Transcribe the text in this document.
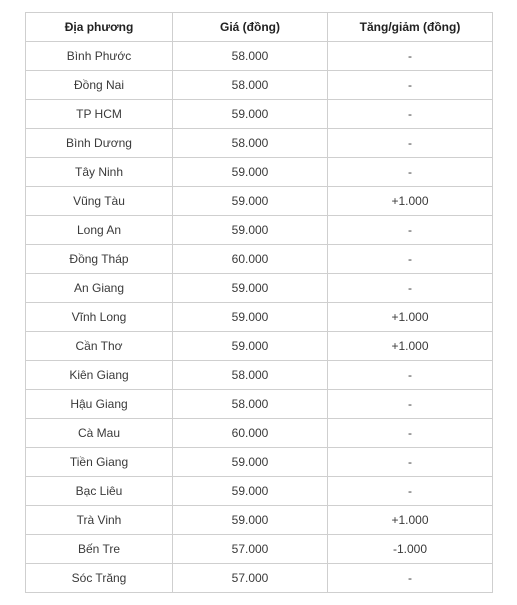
Địa phương	Giá (đồng)	Tăng/giảm (đồng)
Bình Phước	58.000	-
Đồng Nai	58.000	-
TP HCM	59.000	-
Bình Dương	58.000	-
Tây Ninh	59.000	-
Vũng Tàu	59.000	+1.000
Long An	59.000	-
Đồng Tháp	60.000	-
An Giang	59.000	-
Vĩnh Long	59.000	+1.000
Cần Thơ	59.000	+1.000
Kiên Giang	58.000	-
Hậu Giang	58.000	-
Cà Mau	60.000	-
Tiền Giang	59.000	-
Bạc Liêu	59.000	-
Trà Vinh	59.000	+1.000
Bến Tre	57.000	-1.000
Sóc Trăng	57.000	-
